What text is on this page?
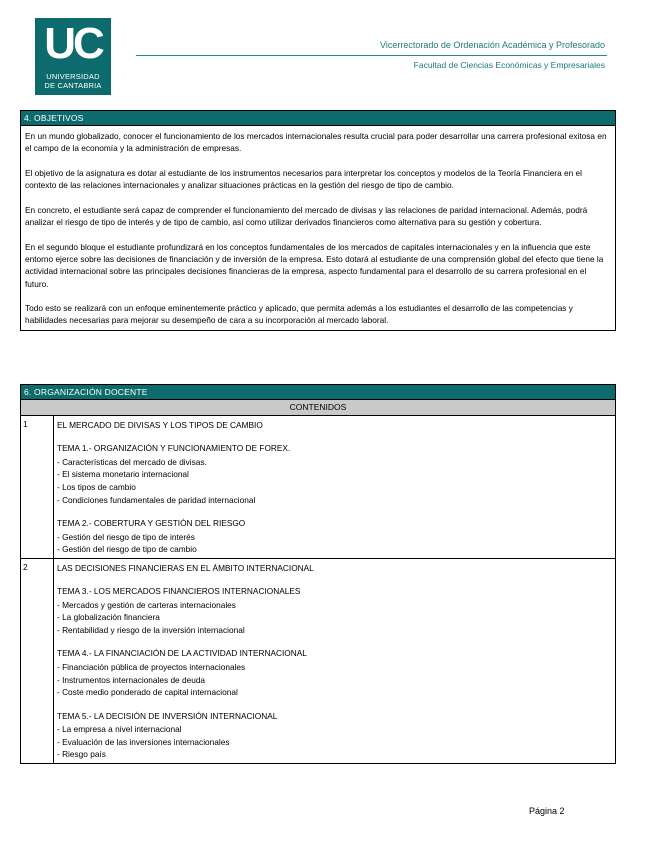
UC
UNIVERSIDAD
DE CANTABRIA
Vicerrectorado de Ordenación Académica y Profesorado
Facultad de Ciencias Económicas y Empresariales
4. OBJETIVOS

En un mundo globalizado, conocer el funcionamiento de los mercados internacionales resulta crucial para poder desarrollar una carrera profesional exitosa en el campo de la economía y la administración de empresas.

El objetivo de la asignatura es dotar al estudiante de los instrumentos necesarios para interpretar los conceptos y modelos de la Teoría Financiera en el contexto de las relaciones internacionales y analizar situaciones prácticas en la gestión del riesgo de tipo de cambio.

En concreto, el estudiante será capaz de comprender el funcionamiento del mercado de divisas y las relaciones de paridad internacional. Además, podrá analizar el riesgo de tipo de interés y de tipo de cambio, así como utilizar derivados financieros como alternativa para su gestión y cobertura.

En el segundo bloque el estudiante profundizará en los conceptos fundamentales de los mercados de capitales internacionales y en la influencia que este entorno ejerce sobre las decisiones de financiación y de inversión de la empresa. Esto dotará al estudiante de una comprensión global del efecto que tiene la actividad internacional sobre las principales decisiones financieras de la empresa, aspecto fundamental para el desarrollo de su carrera profesional en el futuro.

Todo esto se realizará con un enfoque eminentemente práctico y aplicado, que permita además a los estudiantes el desarrollo de las competencias y habilidades necesarias para mejorar su desempeño de cara a su incorporación al mercado laboral.

6. ORGANIZACIÓN DOCENTE
CONTENIDOS
1	EL MERCADO DE DIVISAS Y LOS TIPOS DE CAMBIO
TEMA 1.- ORGANIZACIÓN Y FUNCIONAMIENTO DE FOREX.
- Características del mercado de divisas.
- El sistema monetario internacional
- Los tipos de cambio
- Condiciones fundamentales de paridad internacional
TEMA 2.- COBERTURA Y GESTIÓN DEL RIESGO
- Gestión del riesgo de tipo de interés
- Gestión del riesgo de tipo de cambio
2	LAS DECISIONES FINANCIERAS EN EL ÁMBITO INTERNACIONAL
TEMA 3.- LOS MERCADOS FINANCIEROS INTERNACIONALES
- Mercados y gestión de carteras internacionales
- La globalización financiera
- Rentabilidad y riesgo de la inversión internacional
TEMA 4.- LA FINANCIACIÓN DE LA ACTIVIDAD INTERNACIONAL
- Financiación pública de proyectos internacionales
- Instrumentos internacionales de deuda
- Coste medio ponderado de capital internacional
TEMA 5.- LA DECISIÓN DE INVERSIÓN INTERNACIONAL
- La empresa a nivel internacional
- Evaluación de las inversiones internacionales
- Riesgo país
Página 2
